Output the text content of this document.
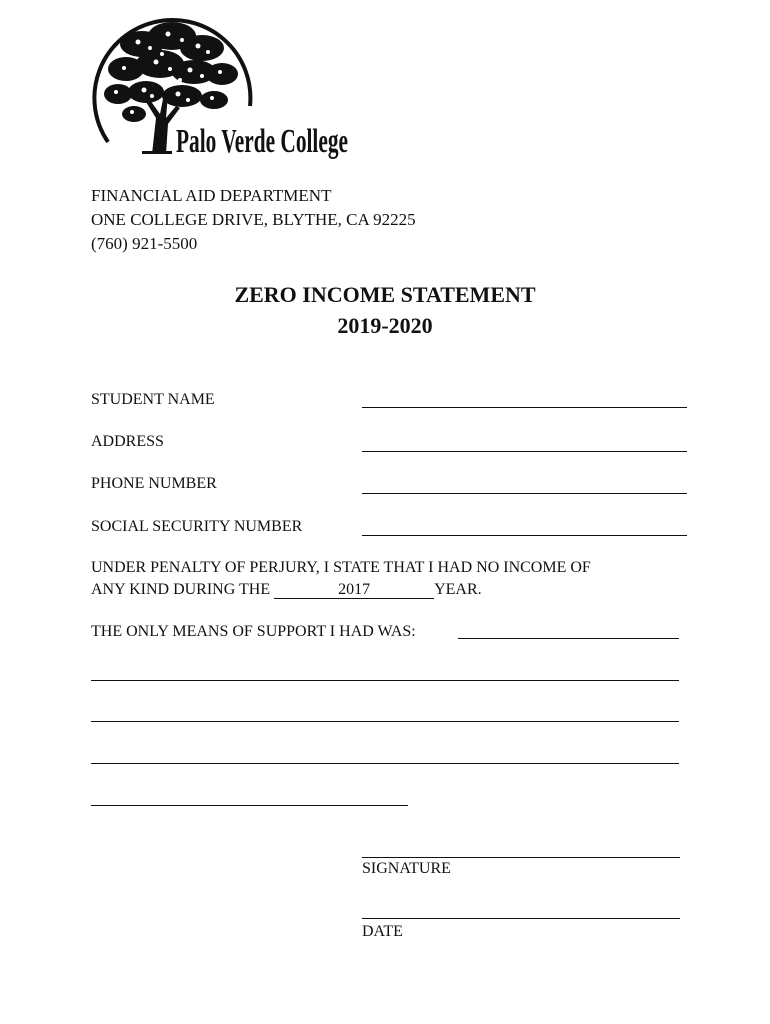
Palo Verde College
FINANCIAL AID DEPARTMENT
ONE COLLEGE DRIVE, BLYTHE, CA 92225
(760) 921-5500
ZERO INCOME STATEMENT
2019-2020
STUDENT NAME
ADDRESS
PHONE NUMBER
SOCIAL SECURITY NUMBER
UNDER PENALTY OF PERJURY, I STATE THAT I HAD NO INCOME OF
ANY KIND DURING THE	2017	YEAR.
THE ONLY MEANS OF SUPPORT I HAD WAS:
SIGNATURE
DATE
